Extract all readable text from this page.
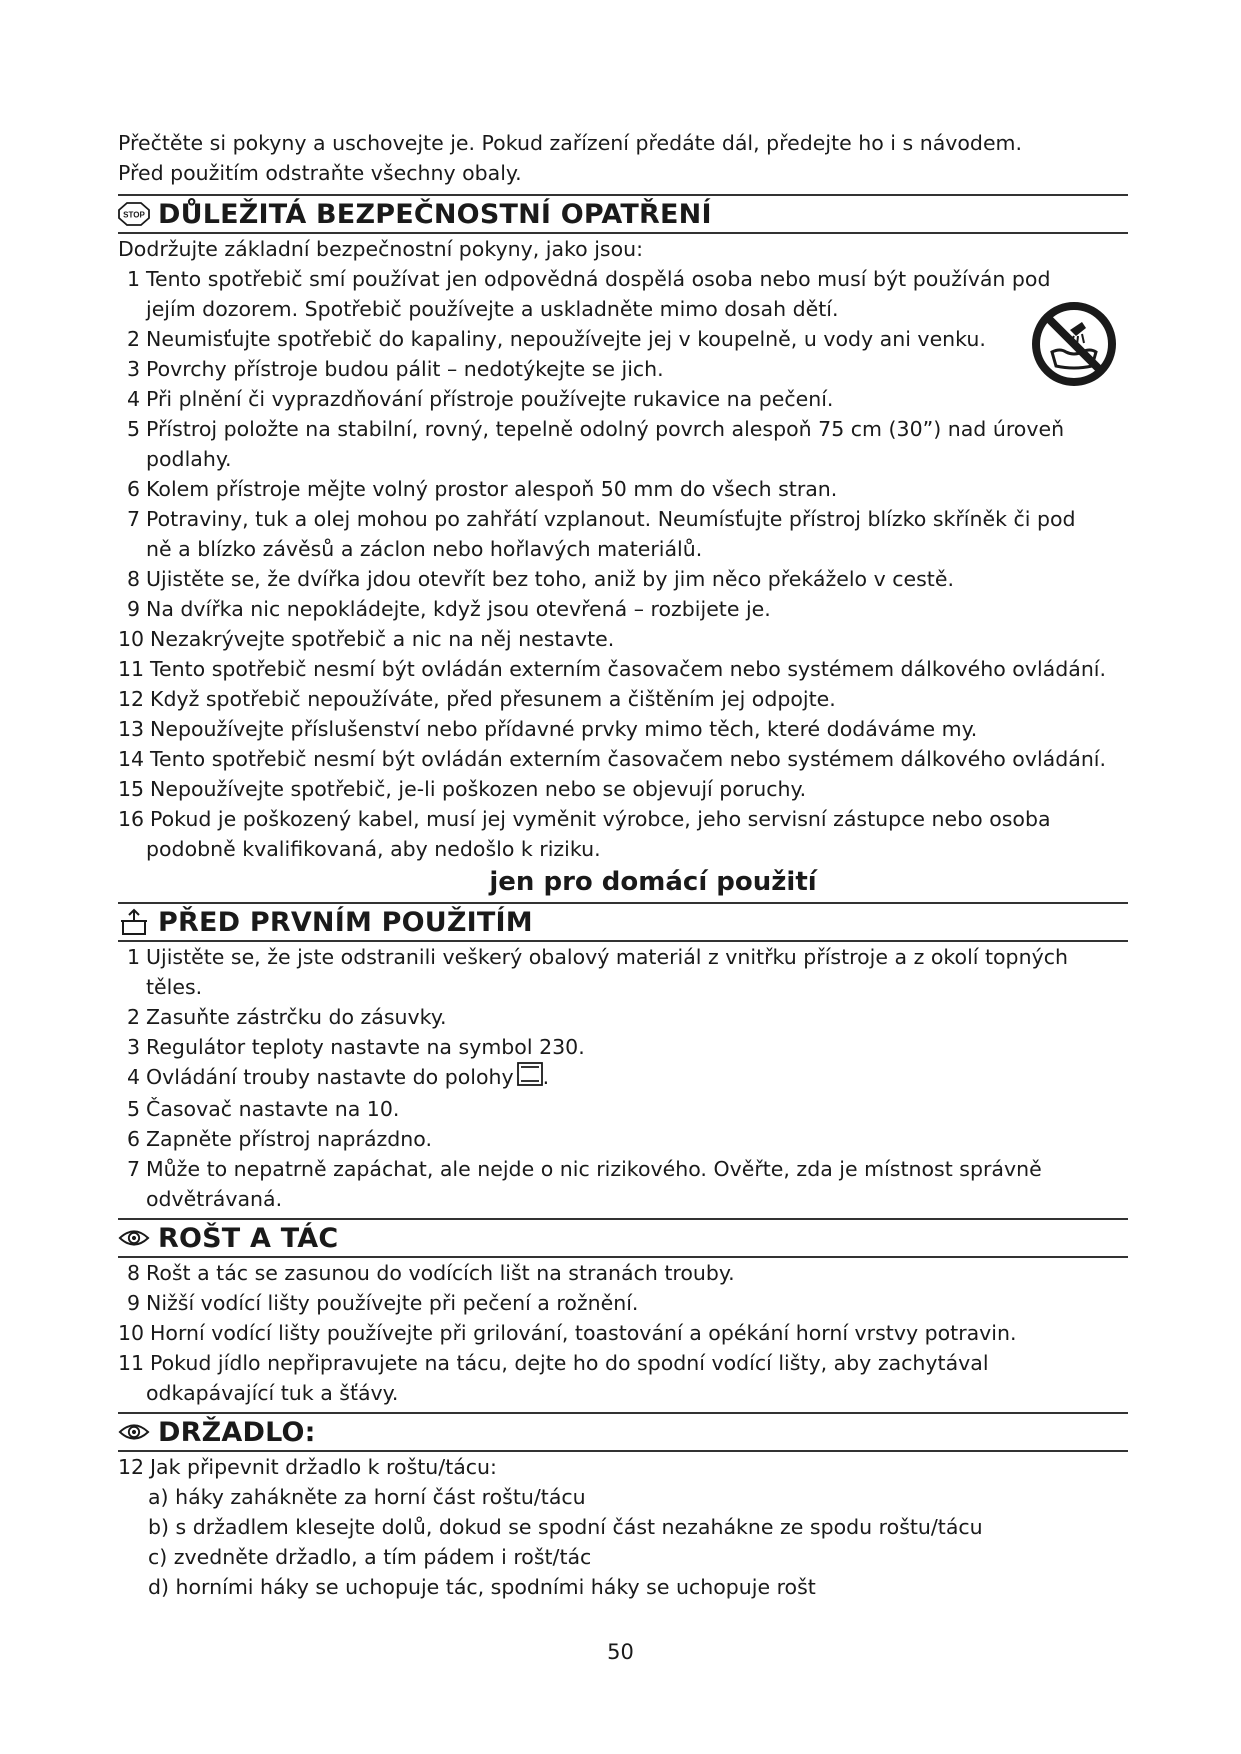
Přečtěte si pokyny a uschovejte je. Pokud zařízení předáte dál, předejte ho i s návodem.
Před použitím odstraňte všechny obaly.
STOP DŮLEŽITÁ BEZPEČNOSTNÍ OPATŘENÍ
Dodržujte základní bezpečnostní pokyny, jako jsou:
1 Tento spotřebič smí používat jen odpovědná dospělá osoba nebo musí být používán pod
jejím dozorem. Spotřebič používejte a uskladněte mimo dosah dětí.
2 Neumisťujte spotřebič do kapaliny, nepoužívejte jej v koupelně, u vody ani venku.
3 Povrchy přístroje budou pálit – nedotýkejte se jich.
4 Při plnění či vyprazdňování přístroje používejte rukavice na pečení.
5 Přístroj položte na stabilní, rovný, tepelně odolný povrch alespoň 75 cm (30”) nad úroveň
podlahy.
6 Kolem přístroje mějte volný prostor alespoň 50 mm do všech stran.
7 Potraviny, tuk a olej mohou po zahřátí vzplanout. Neumísťujte přístroj blízko skříněk či pod
ně a blízko závěsů a záclon nebo hořlavých materiálů.
8 Ujistěte se, že dvířka jdou otevřít bez toho, aniž by jim něco překáželo v cestě.
9 Na dvířka nic nepokládejte, když jsou otevřená – rozbijete je.
10 Nezakrývejte spotřebič a nic na něj nestavte.
11 Tento spotřebič nesmí být ovládán externím časovačem nebo systémem dálkového ovládání.
12 Když spotřebič nepoužíváte, před přesunem a čištěním jej odpojte.
13 Nepoužívejte příslušenství nebo přídavné prvky mimo těch, které dodáváme my.
14 Tento spotřebič nesmí být ovládán externím časovačem nebo systémem dálkového ovládání.
15 Nepoužívejte spotřebič, je-li poškozen nebo se objevují poruchy.
16 Pokud je poškozený kabel, musí jej vyměnit výrobce, jeho servisní zástupce nebo osoba
podobně kvalifikovaná, aby nedošlo k riziku.
jen pro domácí použití
PŘED PRVNÍM POUŽITÍM
1 Ujistěte se, že jste odstranili veškerý obalový materiál z vnitřku přístroje a z okolí topných
těles.
2 Zasuňte zástrčku do zásuvky.
3 Regulátor teploty nastavte na symbol 230.
4 Ovládání trouby nastavte do polohy .
5 Časovač nastavte na 10.
6 Zapněte přístroj naprázdno.
7 Může to nepatrně zapáchat, ale nejde o nic rizikového. Ověřte, zda je místnost správně
odvětrávaná.
ROŠT A TÁC
8 Rošt a tác se zasunou do vodících lišt na stranách trouby.
9 Nižší vodící lišty používejte při pečení a rožnění.
10 Horní vodící lišty používejte při grilování, toastování a opékání horní vrstvy potravin.
11 Pokud jídlo nepřipravujete na tácu, dejte ho do spodní vodící lišty, aby zachytával
odkapávající tuk a šťávy.
DRŽADLO:
12 Jak připevnit držadlo k roštu/tácu:
a) háky zahákněte za horní část roštu/tácu
b) s držadlem klesejte dolů, dokud se spodní část nezahákne ze spodu roštu/tácu
c) zvedněte držadlo, a tím pádem i rošt/tác
d) horními háky se uchopuje tác, spodními háky se uchopuje rošt
50
